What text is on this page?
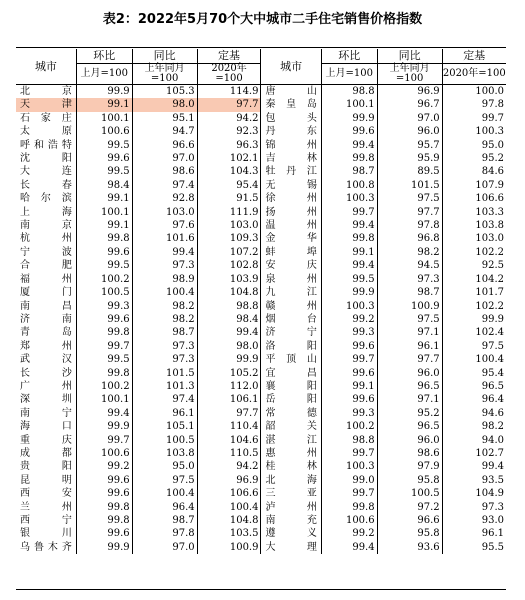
表2：2022年5月70个大中城市二手住宅销售价格指数
城市	环比	同比	定基	城市	环比	同比	定基
	上月=100	上年同月=100	2020年=100		上月=100	上年同月=100	2020年=100
北　京	99.9	105.3	114.9	唐　山	98.8	96.9	100.0
天　津	99.1	98.0	97.7	秦皇岛	100.1	96.7	97.8
石家庄	100.1	95.1	94.2	包　头	99.9	97.0	99.7
太　原	100.6	94.7	92.3	丹　东	99.6	96.0	100.3
呼和浩特	99.5	96.6	96.3	锦　州	99.4	95.7	95.0
沈　阳	99.6	97.0	102.1	吉　林	99.8	95.9	95.2
大　连	99.5	98.6	104.3	牡丹江	98.7	89.5	84.6
长　春	98.4	97.4	95.4	无　锡	100.8	101.5	107.9
哈尔滨	99.1	92.8	91.5	徐　州	100.3	97.5	106.6
上　海	100.1	103.0	111.9	扬　州	99.7	97.7	103.3
南　京	99.1	97.6	103.0	温　州	99.4	97.8	103.8
杭　州	99.8	101.6	109.3	金　华	99.8	96.8	103.0
宁　波	99.6	99.4	107.2	蚌　埠	99.1	98.2	102.2
合　肥	99.5	97.3	102.8	安　庆	99.4	94.5	92.5
福　州	100.2	98.9	103.9	泉　州	99.5	97.3	104.2
厦　门	100.5	100.4	104.8	九　江	99.9	98.7	101.7
南　昌	99.3	98.2	98.8	赣　州	100.3	100.9	102.2
济　南	99.6	98.2	98.4	烟　台	99.2	97.5	99.9
青　岛	99.8	98.7	99.4	济　宁	99.3	97.1	102.4
郑　州	99.7	97.3	98.0	洛　阳	99.6	96.1	97.5
武　汉	99.5	97.3	99.9	平顶山	99.7	97.7	100.4
长　沙	99.8	101.5	105.2	宜　昌	99.6	96.0	95.4
广　州	100.2	101.3	112.0	襄　阳	99.1	96.5	96.5
深　圳	100.1	97.4	106.1	岳　阳	99.6	97.1	96.4
南　宁	99.4	96.1	97.7	常　德	99.3	95.2	94.6
海　口	99.9	105.1	110.4	韶　关	100.2	96.5	98.2
重　庆	99.7	100.5	104.6	湛　江	98.8	96.0	94.0
成　都	100.6	103.8	110.5	惠　州	99.7	98.6	102.7
贵　阳	99.2	95.0	94.2	桂　林	100.3	97.9	99.4
昆　明	99.6	97.5	96.9	北　海	99.0	95.8	93.5
西　安	99.6	100.4	106.6	三　亚	99.7	100.5	104.9
兰　州	99.8	96.4	100.4	泸　州	99.8	97.2	97.3
西　宁	99.8	98.7	104.8	南　充	100.6	96.6	93.0
银　川	99.6	97.8	103.5	遵　义	99.2	95.8	96.1
乌鲁木齐	99.9	97.0	100.9	大　理	99.4	93.6	95.5
